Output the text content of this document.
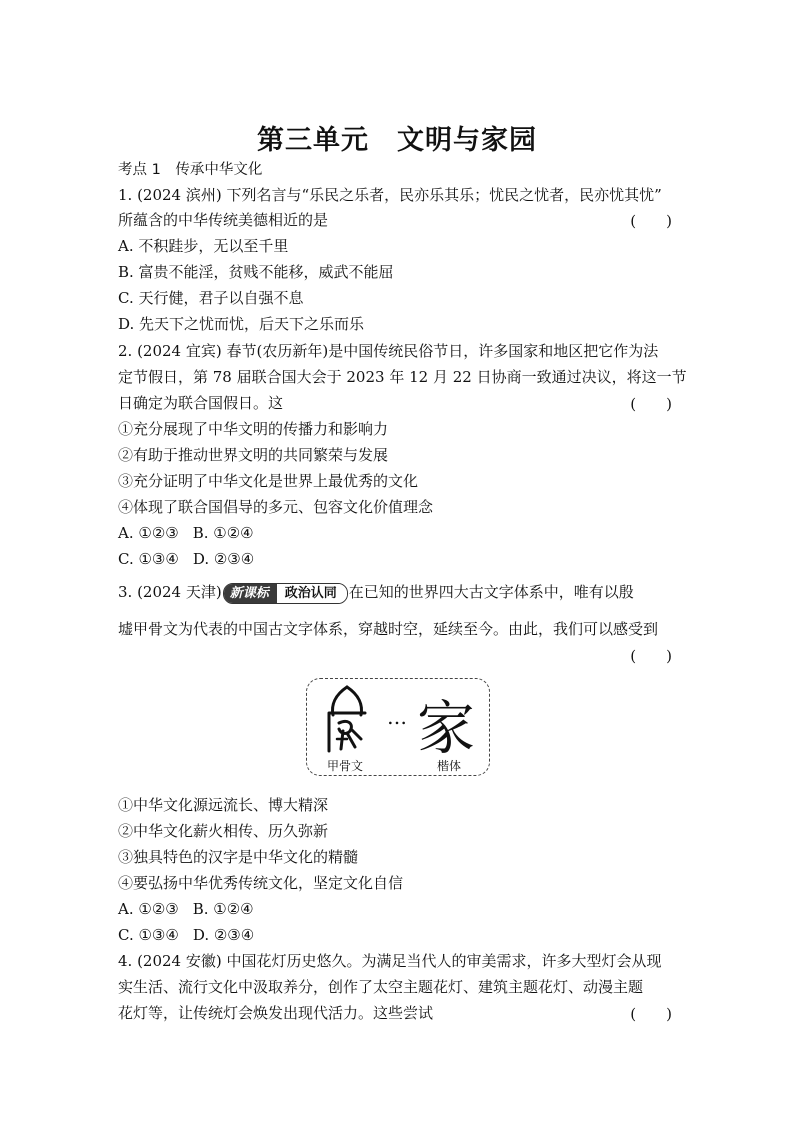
第三单元 文明与家园
考点 1　传承中华文化
1. (2024 滨州) 下列名言与“乐民之乐者，民亦乐其乐；忧民之忧者，民亦忧其忧”
所蕴含的中华传统美德相近的是	(　　)
A. 不积跬步，无以至千里
B. 富贵不能淫，贫贱不能移，威武不能屈
C. 天行健，君子以自强不息
D. 先天下之忧而忧，后天下之乐而乐
2. (2024 宜宾) 春节(农历新年)是中国传统民俗节日，许多国家和地区把它作为法
定节假日，第 78 届联合国大会于 2023 年 12 月 22 日协商一致通过决议，将这一节
日确定为联合国假日。这	(　　)
①充分展现了中华文明的传播力和影响力
②有助于推动世界文明的共同繁荣与发展
③充分证明了中华文化是世界上最优秀的文化
④体现了联合国倡导的多元、包容文化价值理念
A. ①②③ B. ①②④
C. ①③④ D. ②③④
3. (2024 天津) 新课标 政治认同 在已知的世界四大古文字体系中，唯有以殷
墟甲骨文为代表的中国古文字体系，穿越时空，延续至今。由此，我们可以感受到
(　　)
… 家
甲骨文	楷体
①中华文化源远流长、博大精深
②中华文化薪火相传、历久弥新
③独具特色的汉字是中华文化的精髓
④要弘扬中华优秀传统文化，坚定文化自信
A. ①②③ B. ①②④
C. ①③④ D. ②③④
4. (2024 安徽) 中国花灯历史悠久。为满足当代人的审美需求，许多大型灯会从现
实生活、流行文化中汲取养分，创作了太空主题花灯、建筑主题花灯、动漫主题
花灯等，让传统灯会焕发出现代活力。这些尝试	(　　)
